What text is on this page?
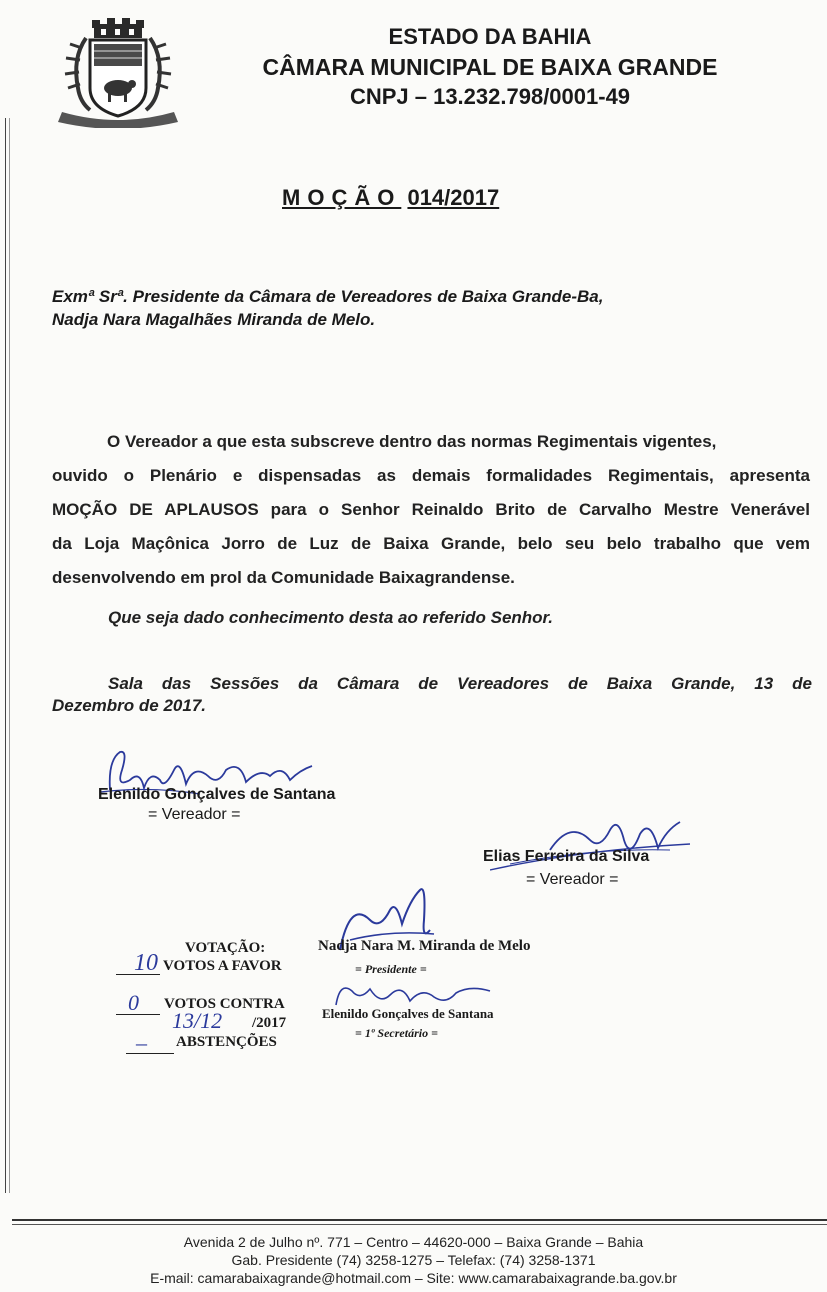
ESTADO DA BAHIA
CÂMARA MUNICIPAL DE BAIXA GRANDE
CNPJ – 13.232.798/0001-49
MOÇÃO 014/2017
Exmª Srª. Presidente da Câmara de Vereadores de Baixa Grande-Ba,
Nadja Nara Magalhães Miranda de Melo.
O Vereador a que esta subscreve dentro das normas Regimentais vigentes,
ouvido o Plenário e dispensadas as demais formalidades Regimentais, apresenta
MOÇÃO DE APLAUSOS para o Senhor Reinaldo Brito de Carvalho Mestre Venerável
da Loja Maçônica Jorro de Luz de Baixa Grande, belo seu belo trabalho que vem
desenvolvendo em prol da Comunidade Baixagrandense.
Que seja dado conhecimento desta ao referido Senhor.
Sala das Sessões da Câmara de Vereadores de Baixa Grande, 13 de
Dezembro de 2017.
Elenildo Gonçalves de Santana
= Vereador =
Elias Ferreira da Silva
= Vereador =
VOTAÇÃO:
10 VOTOS A FAVOR
0 VOTOS CONTRA
13/12 /2017
– ABSTENÇÕES
Nadja Nara M. Miranda de Melo
= Presidente =
Elenildo Gonçalves de Santana
= 1º Secretário =
Avenida 2 de Julho nº. 771 – Centro – 44620-000 – Baixa Grande – Bahia
Gab. Presidente (74) 3258-1275 – Telefax: (74) 3258-1371
E-mail: camarabaixagrande@hotmail.com – Site: www.camarabaixagrande.ba.gov.br
